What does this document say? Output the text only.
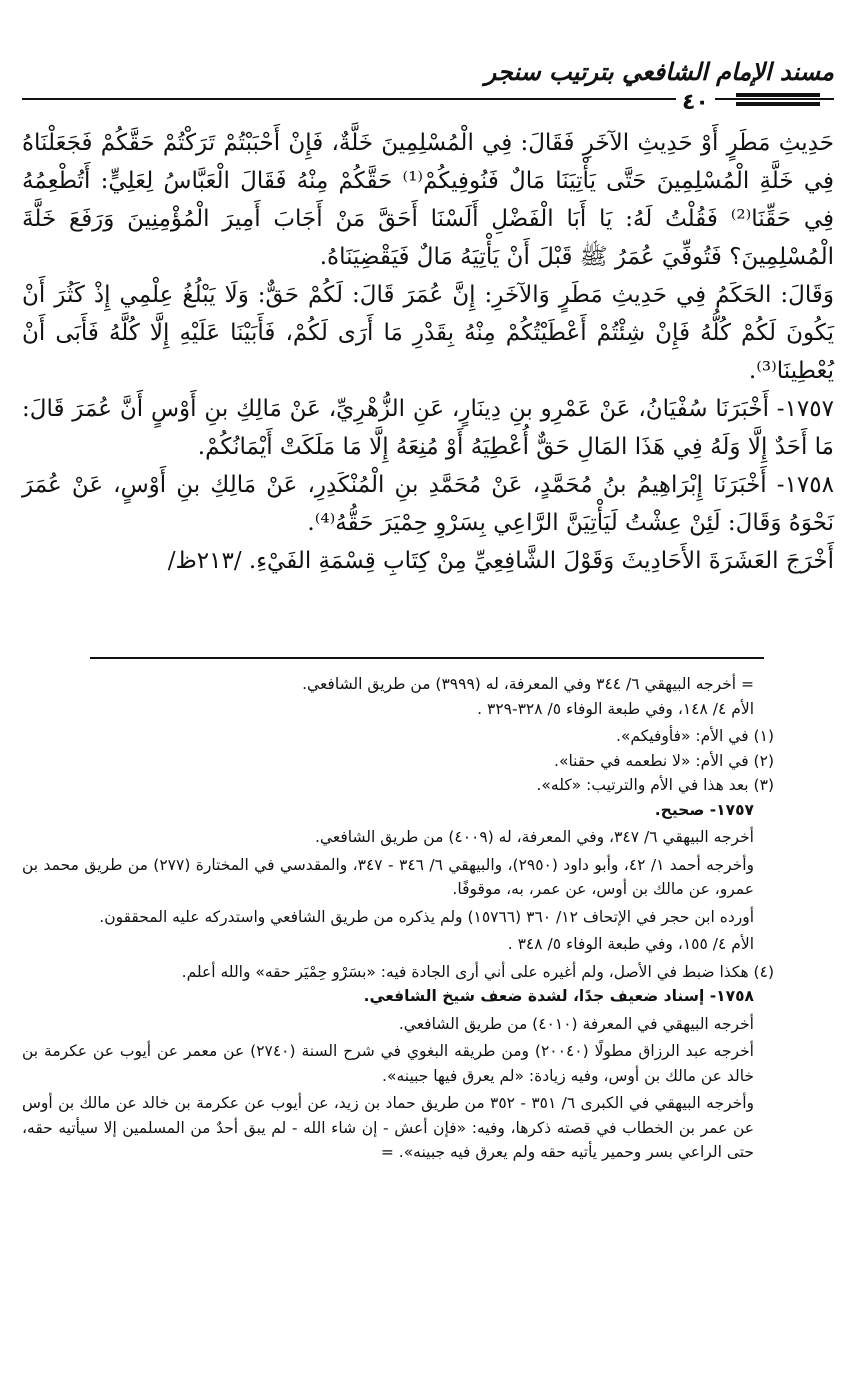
مسند الإمام الشافعي بترتيب سنجر
٤٠

حَدِيثِ مَطَرٍ أَوْ حَدِيثِ الآخَرِ فَقَالَ: فِي الْمُسْلِمِينَ خَلَّةٌ، فَإِنْ أَحْبَبْتُمْ تَرَكْتُمْ حَقَّكُمْ فَجَعَلْنَاهُ فِي خَلَّةِ الْمُسْلِمِينَ حَتَّى يَأْتِيَنَا مَالٌ فَنُوفِيكُمْ⁽¹⁾ حَقَّكُمْ مِنْهُ فَقَالَ الْعَبَّاسُ لِعَلِيٍّ: أَتُطْعِمُهُ فِي حَقِّنَا⁽²⁾ فَقُلْتُ لَهُ: يَا أَبَا الْفَضْلِ أَلَسْنَا أَحَقَّ مَنْ أَجَابَ أَمِيرَ الْمُؤْمِنِينَ وَرَفَعَ خَلَّةَ الْمُسْلِمِينَ؟ فَتُوفِّيَ عُمَرُ ﷺ قَبْلَ أَنْ يَأْتِيَهُ مَالٌ فَيَقْضِيَنَاهُ.

وَقَالَ: الحَكَمُ فِي حَدِيثِ مَطَرٍ وَالآخَرِ: إِنَّ عُمَرَ قَالَ: لَكُمْ حَقٌّ: وَلَا يَبْلُغُ عِلْمِي إِذْ كَثُرَ أَنْ يَكُونَ لَكُمْ كُلُّهُ فَإِنْ شِئْتُمْ أَعْطَيْتُكُمْ مِنْهُ بِقَدْرِ مَا أَرَى لَكُمْ، فَأَبَيْنَا عَلَيْهِ إِلَّا كُلَّهُ فَأَبَى أَنْ يُعْطِينَا⁽³⁾.

١٧٥٧- أَخْبَرَنَا سُفْيَانُ، عَنْ عَمْرِو بنِ دِينَارٍ، عَنِ الزُّهْرِيِّ، عَنْ مَالِكِ بنِ أَوْسٍ أَنَّ عُمَرَ قَالَ: مَا أَحَدٌ إِلَّا وَلَهُ فِي هَذَا المَالِ حَقٌّ أُعْطِيَهُ أَوْ مُنِعَهُ إِلَّا مَا مَلَكَتْ أَيْمَانُكُمْ.

١٧٥٨- أَخْبَرَنَا إِبْرَاهِيمُ بنُ مُحَمَّدٍ، عَنْ مُحَمَّدِ بنِ الْمُنْكَدِرِ، عَنْ مَالِكِ بنِ أَوْسٍ، عَنْ عُمَرَ نَحْوَهُ وَقَالَ: لَئِنْ عِشْتُ لَيَأْتِيَنَّ الرَّاعِي بِسَرْوِ حِمْيَرَ حَقُّهُ⁽⁴⁾.

أَخْرَجَ العَشَرَةَ الأَحَادِيثَ وَقَوْلَ الشَّافِعِيِّ مِنْ كِتَابِ قِسْمَةِ الفَيْءِ. /٢١٣ظ/

= أخرجه البيهقي ٦/ ٣٤٤ وفي المعرفة، له (٣٩٩٩) من طريق الشافعي.

الأم ٤/ ١٤٨، وفي طبعة الوفاء ٥/ ٣٢٨-٣٢٩ .

(١) في الأم: «فأوفيكم».

(٢) في الأم: «لا نطعمه في حقنا».

(٣) بعد هذا في الأم والترتيب: «كله».

١٧٥٧- صحيح.

أخرجه البيهقي ٦/ ٣٤٧، وفي المعرفة، له (٤٠٠٩) من طريق الشافعي.

وأخرجه أحمد ١/ ٤٢، وأبو داود (٢٩٥٠)، والبيهقي ٦/ ٣٤٦ - ٣٤٧، والمقدسي في المختارة (٢٧٧) من طريق محمد بن عمرو، عن مالك بن أوس، عن عمر، به، موقوفًا.

أورده ابن حجر في الإتحاف ١٢/ ٣٦٠ (١٥٧٦٦) ولم يذكره من طريق الشافعي واستدركه عليه المحققون.

الأم ٤/ ١٥٥، وفي طبعة الوفاء ٥/ ٣٤٨ .

(٤) هكذا ضبط في الأصل، ولم أغيره على أني أرى الجادة فيه: «بسَرْو حِمْيَر حقه» والله أعلم.

١٧٥٨- إسناد ضعيف جدًا، لشدة ضعف شيخ الشافعي.

أخرجه البيهقي في المعرفة (٤٠١٠) من طريق الشافعي.

أخرجه عبد الرزاق مطولًا (٢٠٠٤٠) ومن طريقه البغوي في شرح السنة (٢٧٤٠) عن معمر عن أيوب عن عكرمة بن خالد عن مالك بن أوس، وفيه زيادة: «لم يعرق فيها جبينه».

وأخرجه البيهقي في الكبرى ٦/ ٣٥١ - ٣٥٢ من طريق حماد بن زيد، عن أيوب عن عكرمة بن خالد عن مالك بن أوس عن عمر بن الخطاب في قصته ذكرها، وفيه: «فإن أعش - إن شاء الله - لم يبق أحدٌ من المسلمين إلا سيأتيه حقه، حتى الراعي بسر وحمير يأتيه حقه ولم يعرق فيه جبينه». =
